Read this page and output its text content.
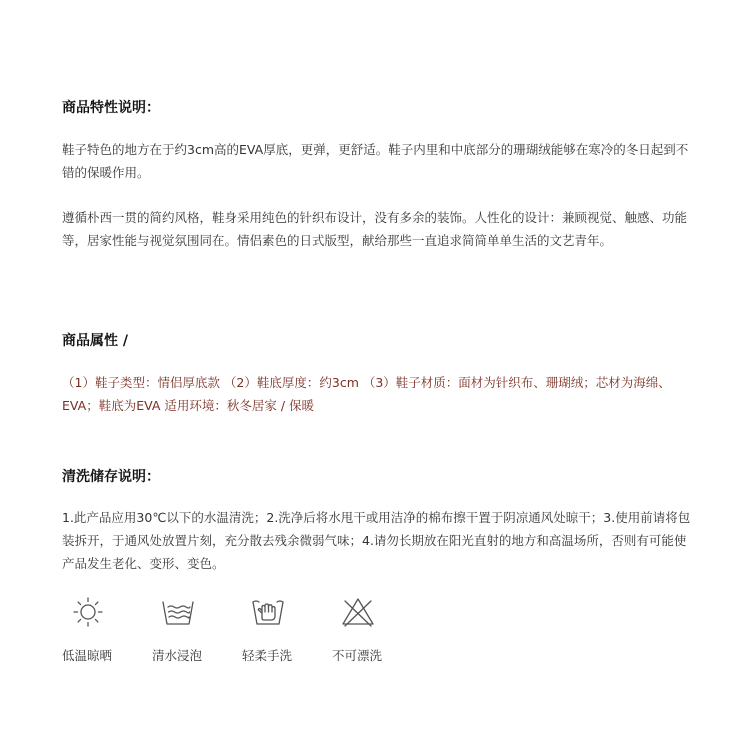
商品特性说明：

鞋子特色的地方在于约3cm高的EVA厚底，更弹，更舒适。鞋子内里和中底部分的珊瑚绒能够在寒冷的冬日起到不错的保暖作用。

遵循朴西一贯的简约风格，鞋身采用纯色的针织布设计，没有多余的装饰。人性化的设计：兼顾视觉、触感、功能等，居家性能与视觉氛围同在。情侣素色的日式版型，献给那些一直追求简简单单生活的文艺青年。

商品属性 /

（1）鞋子类型：情侣厚底款 （2）鞋底厚度：约3cm （3）鞋子材质：面材为针织布、珊瑚绒；芯材为海绵、EVA；鞋底为EVA 适用环境：秋冬居家 / 保暖

清洗储存说明：

1.此产品应用30℃以下的水温清洗；2.洗净后将水甩干或用洁净的棉布擦干置于阴凉通风处晾干；3.使用前请将包装拆开，于通风处放置片刻，充分散去残余微弱气味；4.请勿长期放在阳光直射的地方和高温场所，否则有可能使产品发生老化、变形、变色。

低温晾晒	清水浸泡	轻柔手洗	不可漂洗
